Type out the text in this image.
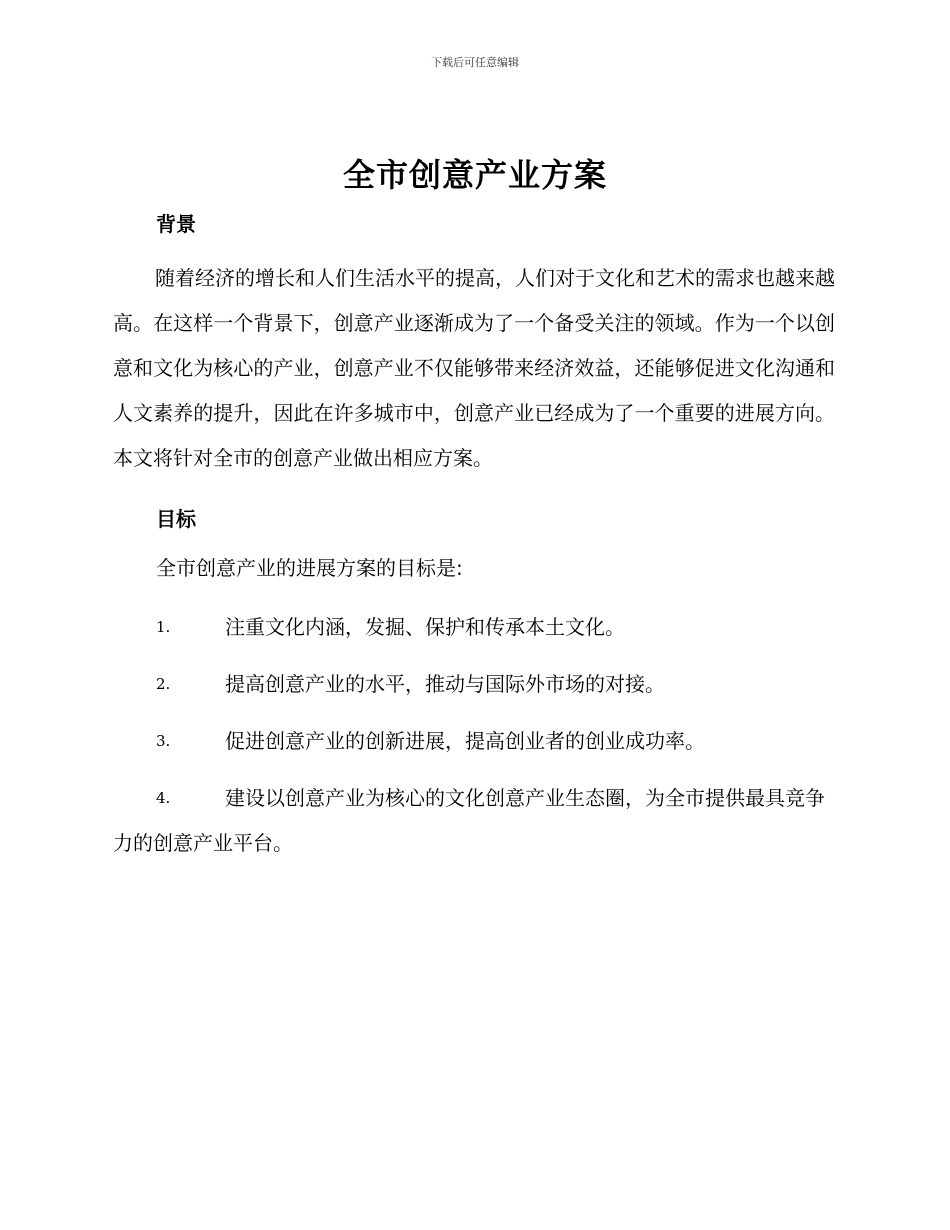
下载后可任意编辑
全市创意产业方案
背景

随着经济的增长和人们生活水平的提高，人们对于文化和艺术的需求也越来越高。在这样一个背景下，创意产业逐渐成为了一个备受关注的领域。作为一个以创意和文化为核心的产业，创意产业不仅能够带来经济效益，还能够促进文化沟通和人文素养的提升，因此在许多城市中，创意产业已经成为了一个重要的进展方向。本文将针对全市的创意产业做出相应方案。

目标

全市创意产业的进展方案的目标是:

1.	注重文化内涵，发掘、保护和传承本土文化。
2.	提高创意产业的水平，推动与国际外市场的对接。
3.	促进创意产业的创新进展，提高创业者的创业成功率。
4.	建设以创意产业为核心的文化创意产业生态圈，为全市提供最具竞争力的创意产业平台。
